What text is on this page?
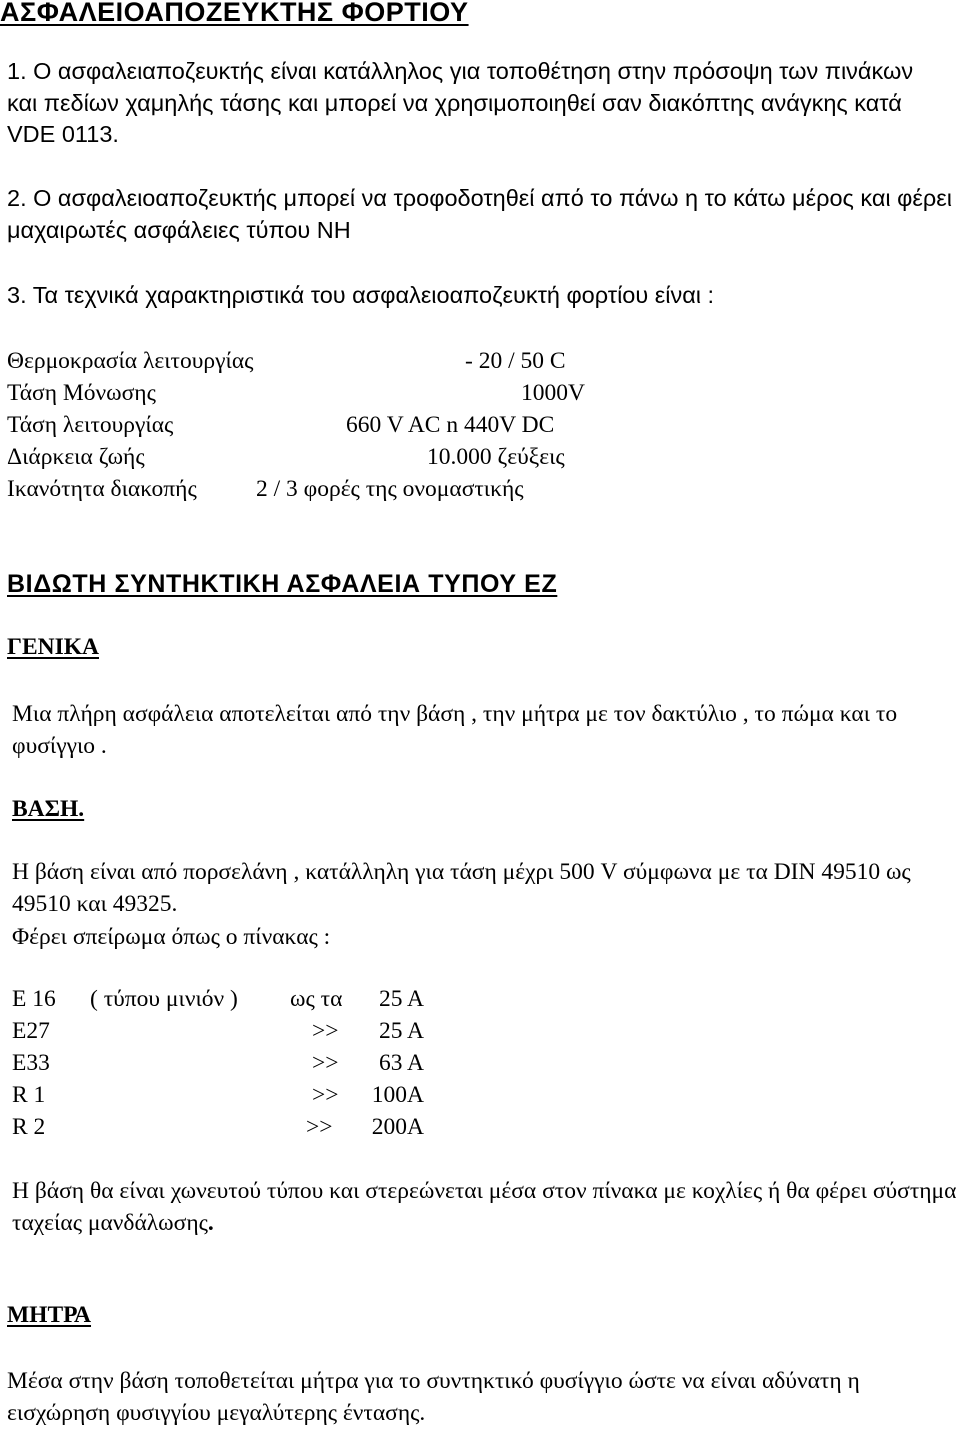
ΑΣΦΑΛΕΙΟΑΠΟΖΕΥΚΤΗΣ ΦΟΡΤΙΟΥ
1. Ο ασφαλειαποζευκτής είναι κατάλληλος για τοποθέτηση στην πρόσοψη των πινάκων και πεδίων χαμηλής τάσης και μπορεί να χρησιμοποιηθεί σαν διακόπτης ανάγκης κατά VDE 0113.
2. Ο ασφαλειοαποζευκτής μπορεί να τροφοδοτηθεί από το πάνω η το κάτω μέρος και φέρει μαχαιρωτές ασφάλειες τύπου ΝΗ
3. Τα τεχνικά χαρακτηριστικά του ασφαλειοαποζευκτή φορτίου είναι :
Θερμοκρασία λειτουργίας	- 20 / 50 C
Τάση Μόνωσης	1000V
Τάση λειτουργίας	660 V AC n 440V DC
Διάρκεια ζωής	10.000 ζεύξεις
Ικανότητα διακοπής	2 / 3 φορές της ονομαστικής
ΒΙΔΩΤΗ ΣΥΝΤΗΚΤΙΚΗ ΑΣΦΑΛΕΙΑ ΤΥΠΟΥ ΕΖ
ΓΕΝΙΚΑ
Μια πλήρη ασφάλεια αποτελείται από την βάση , την μήτρα με τον δακτύλιο , το πώμα και το φυσίγγιο .
ΒΑΣΗ.
Η βάση είναι από πορσελάνη , κατάλληλη για τάση μέχρι 500 V σύμφωνα με τα DIN 49510 ως 49510 και 49325.
Φέρει σπείρωμα όπως ο πίνακας :
E 16 ( τύπου μινιόν ) ως τα	25 A
E27	>>	25 A
E33	>>	63 A
R 1	>>	100A
R 2	>>	200A
Η βάση θα είναι χωνευτού τύπου και στερεώνεται μέσα στον πίνακα με κοχλίες ή θα φέρει σύστημα ταχείας μανδάλωσης.
ΜΗΤΡΑ
Μέσα στην βάση τοποθετείται μήτρα για το συντηκτικό φυσίγγιο ώστε να είναι αδύνατη η εισχώρηση φυσιγγίου μεγαλύτερης έντασης.
